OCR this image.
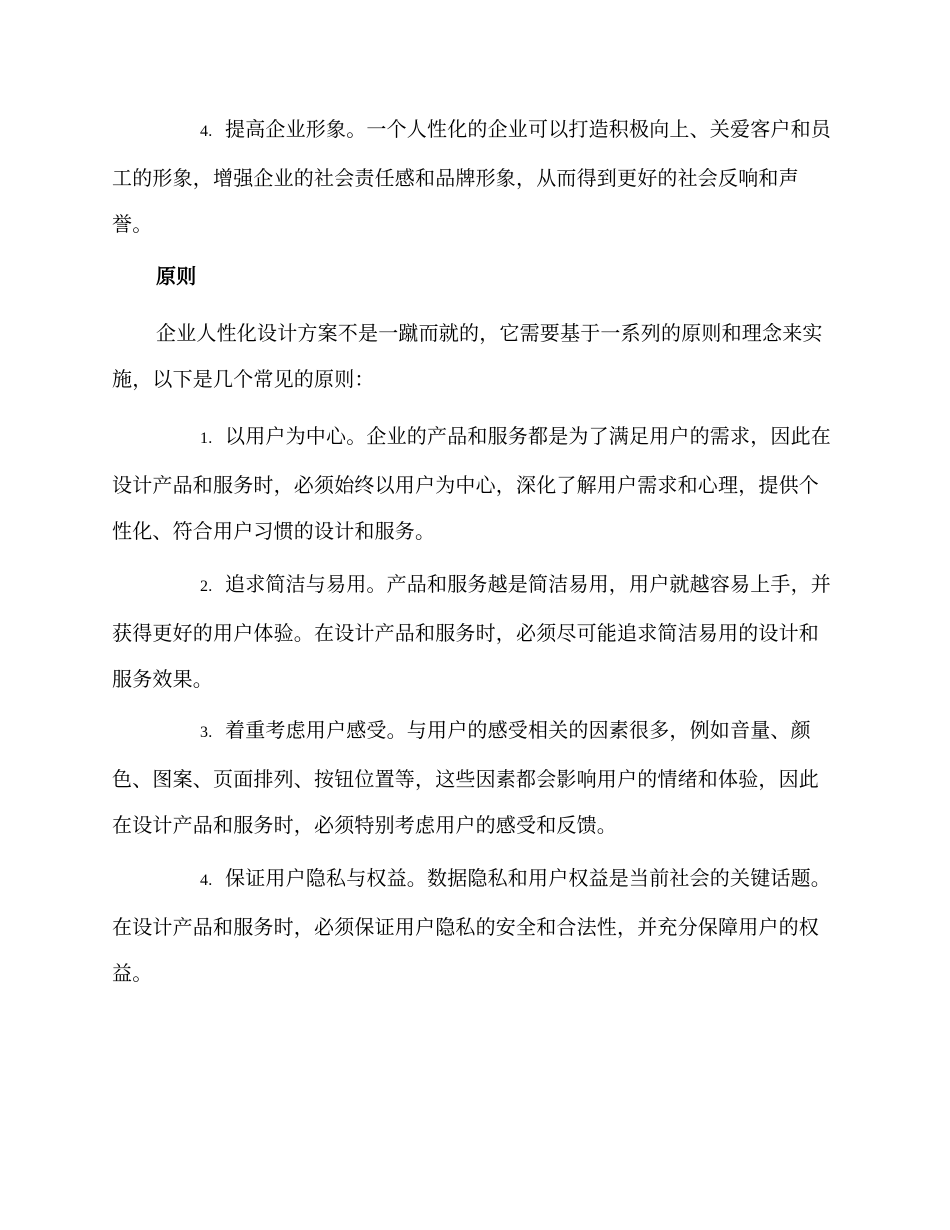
4. 提高企业形象。一个人性化的企业可以打造积极向上、关爱客户和员工的形象，增强企业的社会责任感和品牌形象，从而得到更好的社会反响和声誉。
原则
企业人性化设计方案不是一蹴而就的，它需要基于一系列的原则和理念来实施，以下是几个常见的原则：
1. 以用户为中心。企业的产品和服务都是为了满足用户的需求，因此在设计产品和服务时，必须始终以用户为中心，深化了解用户需求和心理，提供个性化、符合用户习惯的设计和服务。
2. 追求简洁与易用。产品和服务越是简洁易用，用户就越容易上手，并获得更好的用户体验。在设计产品和服务时，必须尽可能追求简洁易用的设计和服务效果。
3. 着重考虑用户感受。与用户的感受相关的因素很多，例如音量、颜色、图案、页面排列、按钮位置等，这些因素都会影响用户的情绪和体验，因此在设计产品和服务时，必须特别考虑用户的感受和反馈。
4. 保证用户隐私与权益。数据隐私和用户权益是当前社会的关键话题。在设计产品和服务时，必须保证用户隐私的安全和合法性，并充分保障用户的权益。
